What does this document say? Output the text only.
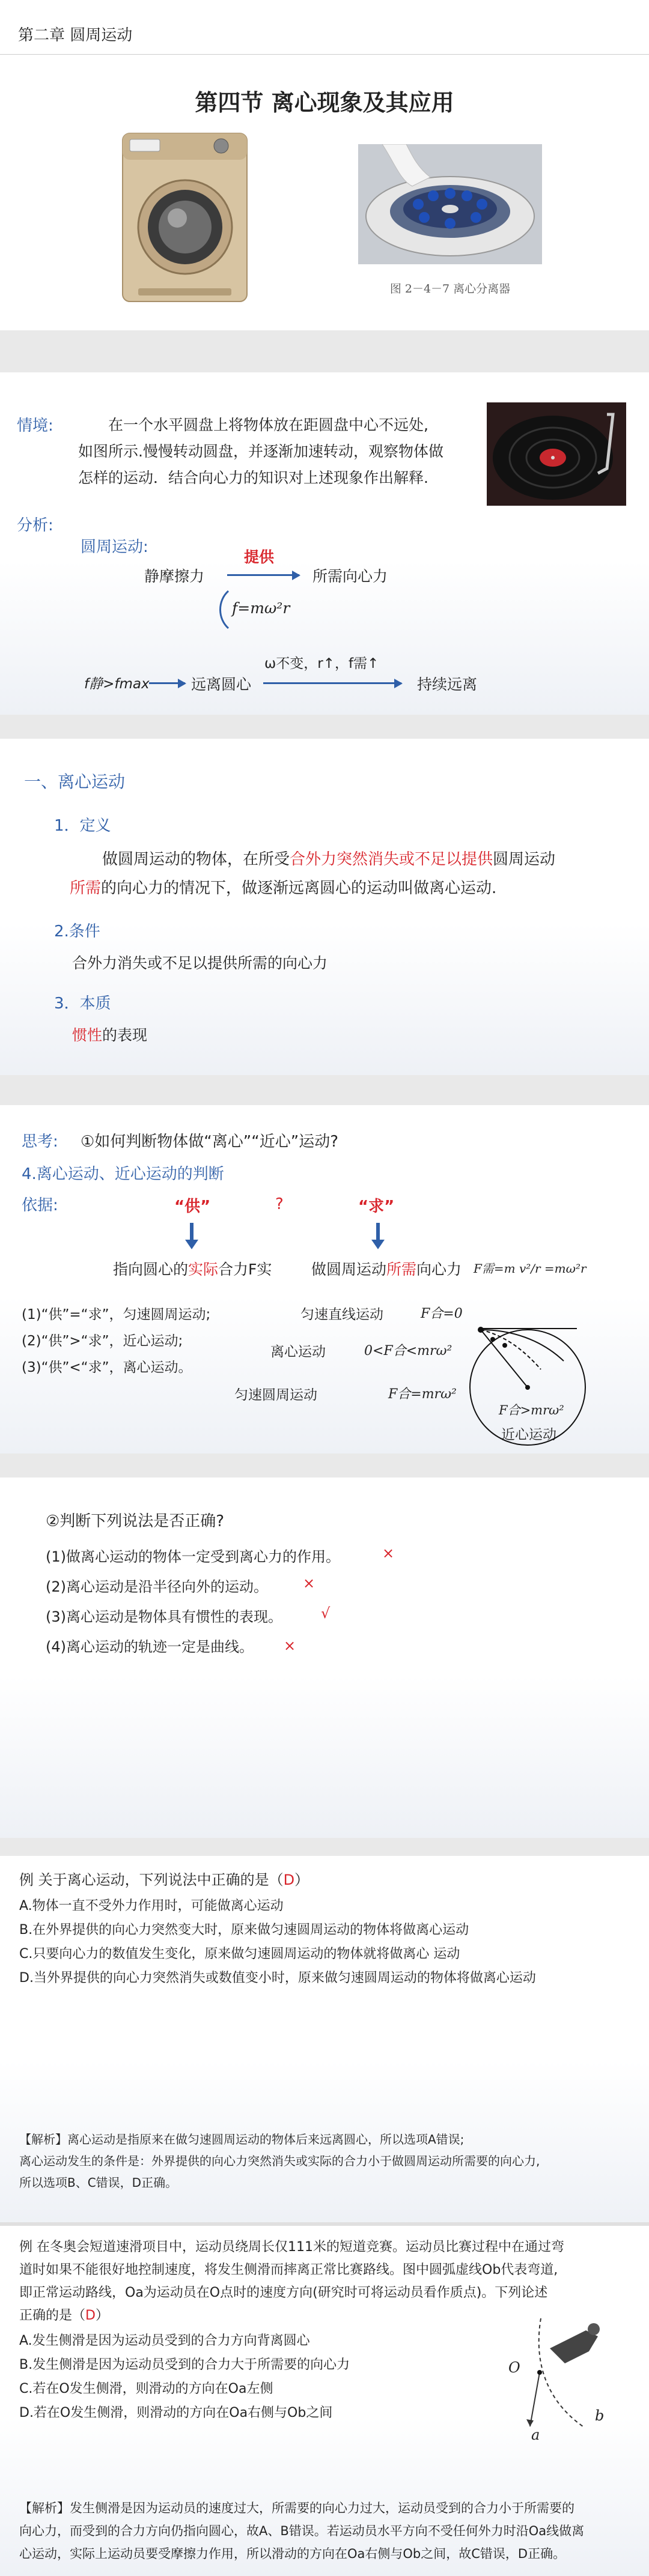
第二章 圆周运动
第四节 离心现象及其应用
图 2－4－7 离心分离器
情境:	在一个水平圆盘上将物体放在距圆盘中心不远处,
如图所示.慢慢转动圆盘，并逐渐加速转动，观察物体做
怎样的运动．结合向心力的知识对上述现象作出解释.
分析:
圆周运动:
静摩擦力
提供
所需向心力
f=mω²r
f静>fmax	远离圆心
ω不变，r↑，f需↑
持续远离
一、离心运动
1．定义
做圆周运动的物体，在所受合外力突然消失或不足以提供圆周运动
所需的向心力的情况下，做逐渐远离圆心的运动叫做离心运动.
2.条件
合外力消失或不足以提供所需的向心力
3．本质
惯性的表现
思考: ①如何判断物体做“离心”“近心”运动?
4.离心运动、近心运动的判断
依据:	“供”	?	“求”
指向圆心的实际合力F实	做圆周运动所需向心力 F需=m v²/r =mω²r
(1)“供”=“求”，匀速圆周运动;
(2)“供”>“求”，近心运动;
(3)“供”<“求”，离心运动。
匀速直线运动	F合=0
离心运动	0<F合<mrω²
匀速圆周运动	F合=mrω²
F合>mrω²
近心运动
②判断下列说法是否正确?
(1)做离心运动的物体一定受到离心力的作用。	×
(2)离心运动是沿半径向外的运动。 ×
(3)离心运动是物体具有惯性的表现。	√
(4)离心运动的轨迹一定是曲线。 ×
例 关于离心运动，下列说法中正确的是（D）
A.物体一直不受外力作用时，可能做离心运动
B.在外界提供的向心力突然变大时，原来做匀速圆周运动的物体将做离心运动
C.只要向心力的数值发生变化，原来做匀速圆周运动的物体就将做离心 运动
D.当外界提供的向心力突然消失或数值变小时，原来做匀速圆周运动的物体将做离心运动
【解析】离心运动是指原来在做匀速圆周运动的物体后来远离圆心，所以选项A错误;
离心运动发生的条件是：外界提供的向心力突然消失或实际的合力小于做圆周运动所需要的向心力,
所以选项B、C错误，D正确。
例 在冬奥会短道速滑项目中，运动员绕周长仅111米的短道竞赛。运动员比赛过程中在通过弯
道时如果不能很好地控制速度，将发生侧滑而摔离正常比赛路线。图中圆弧虚线Ob代表弯道,
即正常运动路线，Oa为运动员在O点时的速度方向(研究时可将运动员看作质点)。下列论述
正确的是（D）
A.发生侧滑是因为运动员受到的合力方向背离圆心
B.发生侧滑是因为运动员受到的合力大于所需要的向心力
C.若在O发生侧滑，则滑动的方向在Oa左侧
D.若在O发生侧滑，则滑动的方向在Oa右侧与Ob之间
O
a
b
【解析】发生侧滑是因为运动员的速度过大，所需要的向心力过大，运动员受到的合力小于所需要的
向心力，而受到的合力方向仍指向圆心，故A、B错误。若运动员水平方向不受任何外力时沿Oa线做离
心运动，实际上运动员要受摩擦力作用，所以滑动的方向在Oa右侧与Ob之间，故C错误，D正确。
